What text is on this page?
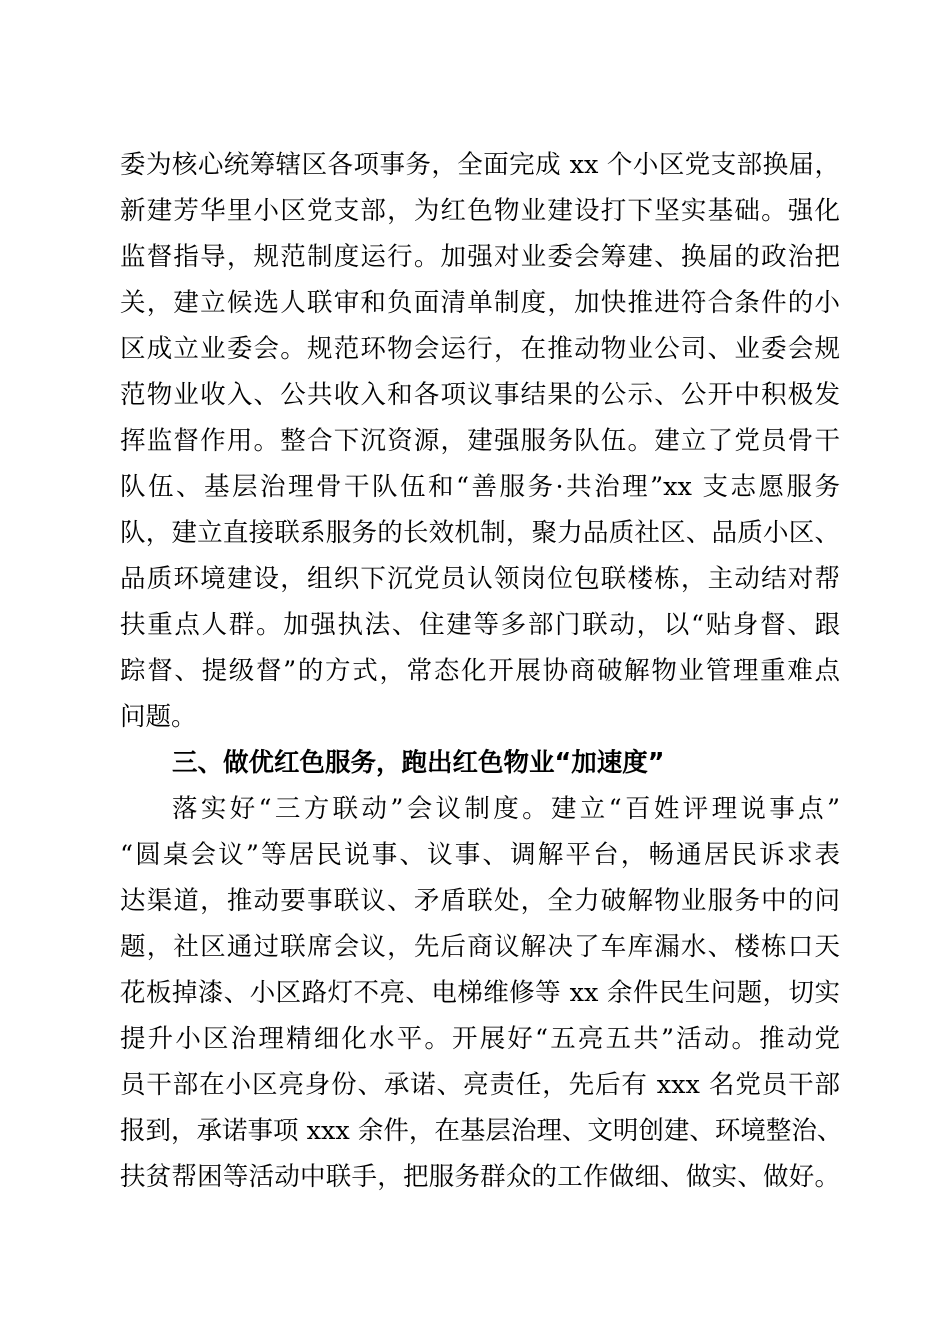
委为核心统筹辖区各项事务，全面完成 xx 个小区党支部换届，
新建芳华里小区党支部，为红色物业建设打下坚实基础。强化
监督指导，规范制度运行。加强对业委会筹建、换届的政治把
关，建立候选人联审和负面清单制度，加快推进符合条件的小
区成立业委会。规范环物会运行，在推动物业公司、业委会规
范物业收入、公共收入和各项议事结果的公示、公开中积极发
挥监督作用。整合下沉资源，建强服务队伍。建立了党员骨干
队伍、基层治理骨干队伍和“善服务·共治理”xx 支志愿服务
队，建立直接联系服务的长效机制，聚力品质社区、品质小区、
品质环境建设，组织下沉党员认领岗位包联楼栋，主动结对帮
扶重点人群。加强执法、住建等多部门联动，以“贴身督、跟
踪督、提级督”的方式，常态化开展协商破解物业管理重难点
问题。
三、做优红色服务，跑出红色物业“加速度”
落实好“三方联动”会议制度。建立“百姓评理说事点”
“圆桌会议”等居民说事、议事、调解平台，畅通居民诉求表
达渠道，推动要事联议、矛盾联处，全力破解物业服务中的问
题，社区通过联席会议，先后商议解决了车库漏水、楼栋口天
花板掉漆、小区路灯不亮、电梯维修等 xx 余件民生问题，切实
提升小区治理精细化水平。开展好“五亮五共”活动。推动党
员干部在小区亮身份、承诺、亮责任，先后有 xxx 名党员干部
报到，承诺事项 xxx 余件，在基层治理、文明创建、环境整治、
扶贫帮困等活动中联手，把服务群众的工作做细、做实、做好。
